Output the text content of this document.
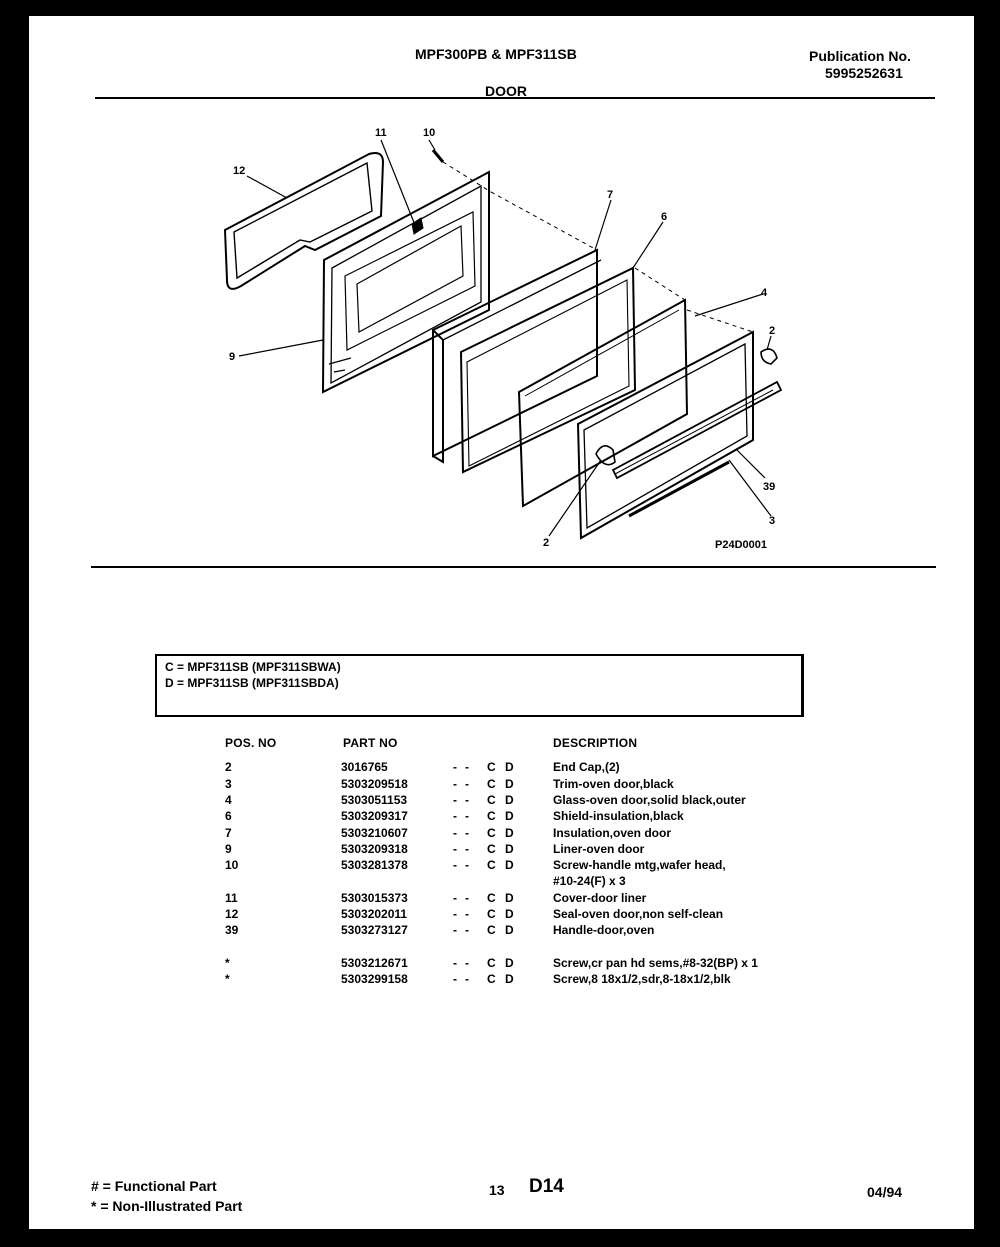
MPF300PB & MPF311SB	Publication No.
5995252631
DOOR
12
11	10
7
6
4
2
9
39
3
2	P24D0001
C = MPF311SB (MPF311SBWA)
D = MPF311SB (MPF311SBDA)
POS. NO	PART NO	DESCRIPTION
2	3016765	- - C D	End Cap,(2)
3	5303209518	- - C D	Trim-oven door,black
4	5303051153	- - C D	Glass-oven door,solid black,outer
6	5303209317	- - C D	Shield-insulation,black
7	5303210607	- - C D	Insulation,oven door
9	5303209318	- - C D	Liner-oven door
10	5303281378	- - C D	Screw-handle mtg,wafer head,
#10-24(F) x 3
11	5303015373	- - C D	Cover-door liner
12	5303202011	- - C D	Seal-oven door,non self-clean
39	5303273127	- - C D	Handle-door,oven
*	5303212671	- - C D	Screw,cr pan hd sems,#8-32(BP) x 1
*	5303299158	- - C D	Screw,8 18x1/2,sdr,8-18x1/2,blk
# = Functional Part
* = Non-Illustrated Part
13 D14	04/94
